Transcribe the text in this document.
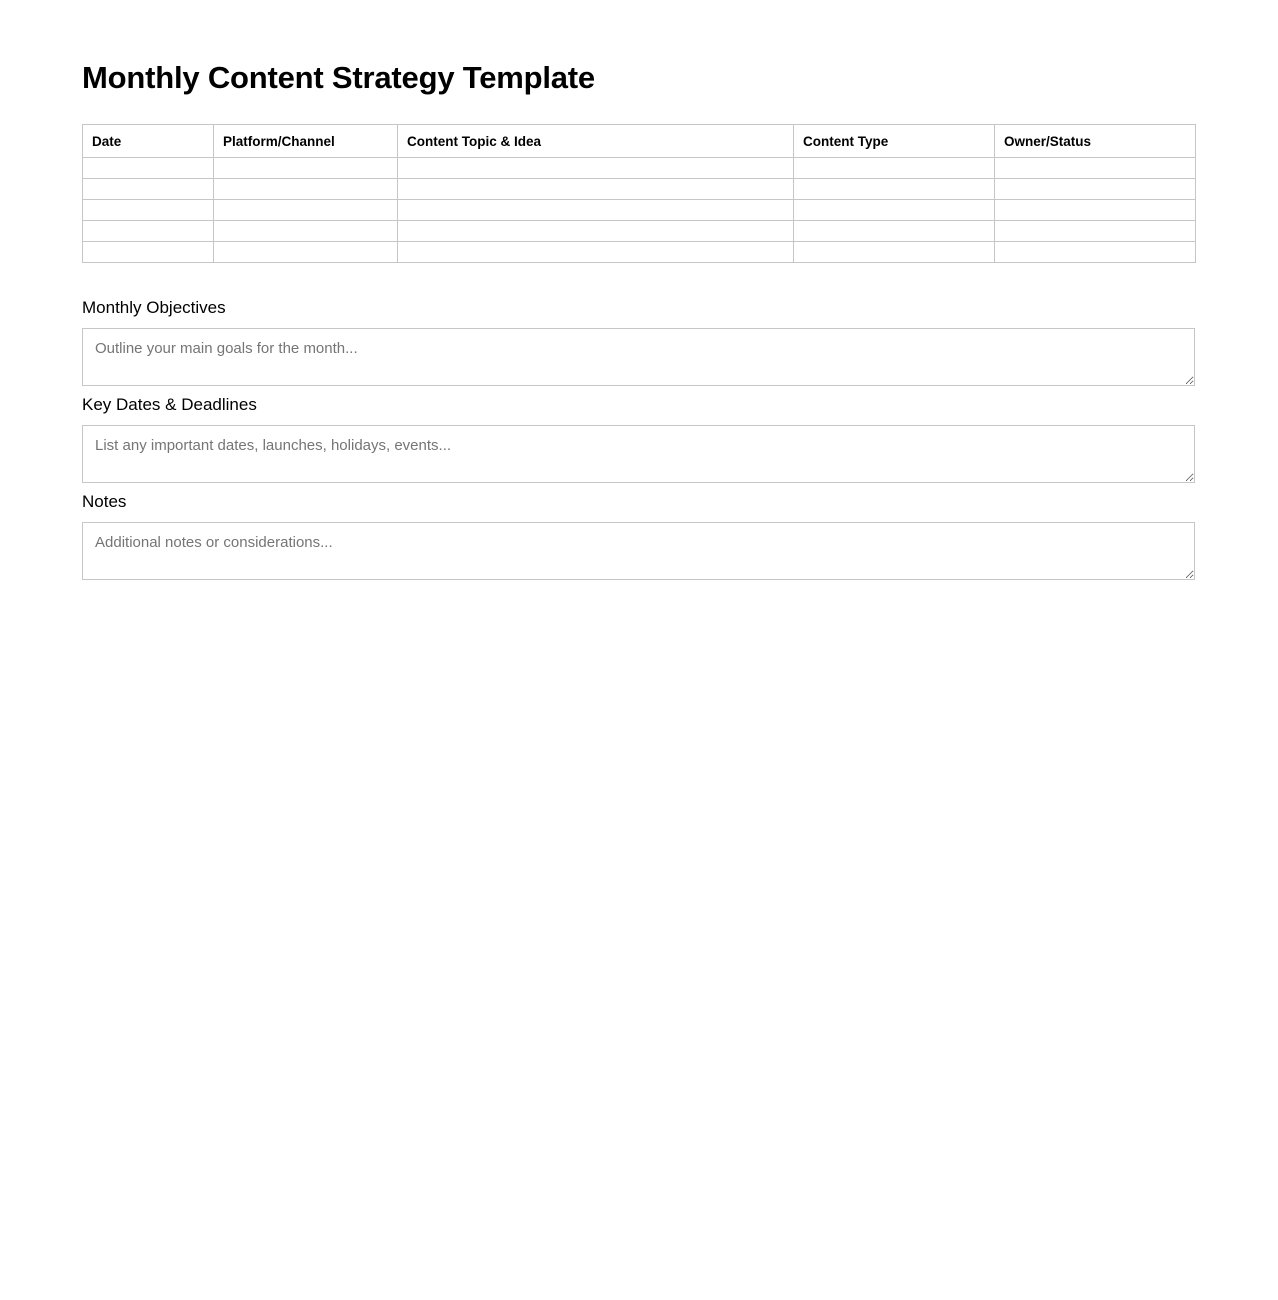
Monthly Content Strategy Template
Date	Platform/Channel	Content Topic & Idea	Content Type	Owner/Status

Monthly Objectives
Outline your main goals for the month...
Key Dates & Deadlines
List any important dates, launches, holidays, events...
Notes
Additional notes or considerations...
